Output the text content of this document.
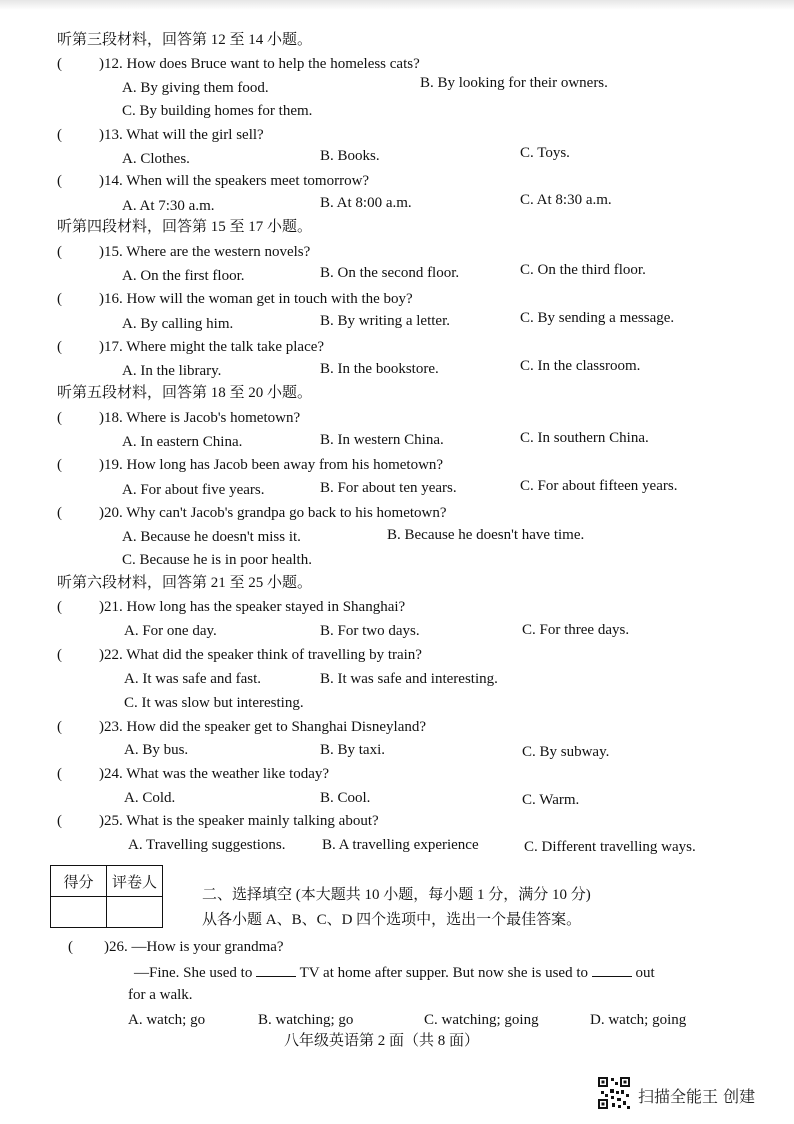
听第三段材料，回答第 12 至 14 小题。
( )12. How does Bruce want to help the homeless cats?
A. By giving them food.	B. By looking for their owners.
C. By building homes for them.
( )13. What will the girl sell?
A. Clothes.	B. Books.	C. Toys.
( )14. When will the speakers meet tomorrow?
A. At 7:30 a.m.	B. At 8:00 a.m.	C. At 8:30 a.m.
听第四段材料，回答第 15 至 17 小题。
( )15. Where are the western novels?
A. On the first floor.	B. On the second floor.	C. On the third floor.
( )16. How will the woman get in touch with the boy?
A. By calling him.	B. By writing a letter.	C. By sending a message.
( )17. Where might the talk take place?
A. In the library.	B. In the bookstore.	C. In the classroom.
听第五段材料，回答第 18 至 20 小题。
( )18. Where is Jacob's hometown?
A. In eastern China.	B. In western China.	C. In southern China.
( )19. How long has Jacob been away from his hometown?
A. For about five years.	B. For about ten years.	C. For about fifteen years.
( )20. Why can't Jacob's grandpa go back to his hometown?
A. Because he doesn't miss it.	B. Because he doesn't have time.
C. Because he is in poor health.
听第六段材料，回答第 21 至 25 小题。
( )21. How long has the speaker stayed in Shanghai?
A. For one day.	B. For two days.	C. For three days.
( )22. What did the speaker think of travelling by train?
A. It was safe and fast.	B. It was safe and interesting.
C. It was slow but interesting.
( )23. How did the speaker get to Shanghai Disneyland?
A. By bus.	B. By taxi.	C. By subway.
( )24. What was the weather like today?
A. Cold.	B. Cool.	C. Warm.
( )25. What is the speaker mainly talking about?
A. Travelling suggestions. B. A travelling experience	C. Different travelling ways.
得分	评卷人

二、选择填空 (本大题共 10 小题，每小题 1 分，满分 10 分)
从各小题 A、B、C、D 四个选项中，选出一个最佳答案。
( )26. —How is your grandma?
—Fine. She used to	TV at home after supper. But now she is used to	out
for a walk.
A. watch; go	B. watching; go	C. watching; going	D. watch; going
八年级英语第 2 面（共 8 面）
扫描全能王 创建
